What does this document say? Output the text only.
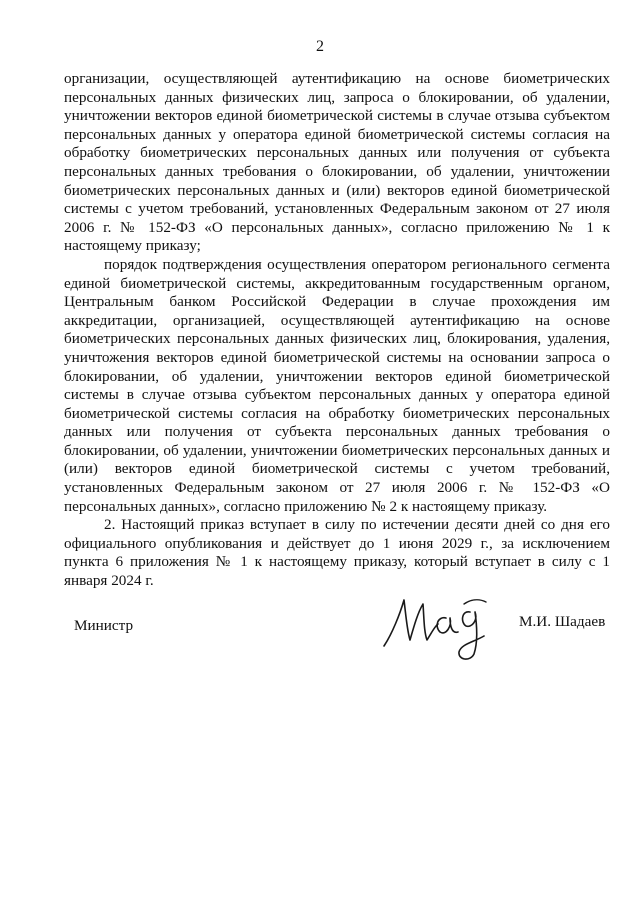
2

организации, осуществляющей аутентификацию на основе биометрических персональных данных физических лиц, запроса о блокировании, об удалении, уничтожении векторов единой биометрической системы в случае отзыва субъектом персональных данных у оператора единой биометрической системы согласия на обработку биометрических персональных данных или получения от субъекта персональных данных требования о блокировании, об удалении, уничтожении биометрических персональных данных и (или) векторов единой биометрической системы с учетом требований, установленных Федеральным законом от 27 июля 2006 г. № 152-ФЗ «О персональных данных», согласно приложению № 1 к настоящему приказу;

порядок подтверждения осуществления оператором регионального сегмента единой биометрической системы, аккредитованным государственным органом, Центральным банком Российской Федерации в случае прохождения им аккредитации, организацией, осуществляющей аутентификацию на основе биометрических персональных данных физических лиц, блокирования, удаления, уничтожения векторов единой биометрической системы на основании запроса о блокировании, об удалении, уничтожении векторов единой биометрической системы в случае отзыва субъектом персональных данных у оператора единой биометрической системы согласия на обработку биометрических персональных данных или получения от субъекта персональных данных требования о блокировании, об удалении, уничтожении биометрических персональных данных и (или) векторов единой биометрической системы с учетом требований, установленных Федеральным законом от 27 июля 2006 г. № 152-ФЗ «О персональных данных», согласно приложению № 2 к настоящему приказу.

2. Настоящий приказ вступает в силу по истечении десяти дней со дня его официального опубликования и действует до 1 июня 2029 г., за исключением пункта 6 приложения № 1 к настоящему приказу, который вступает в силу с 1 января 2024 г.

Министр	М.И. Шадаев
